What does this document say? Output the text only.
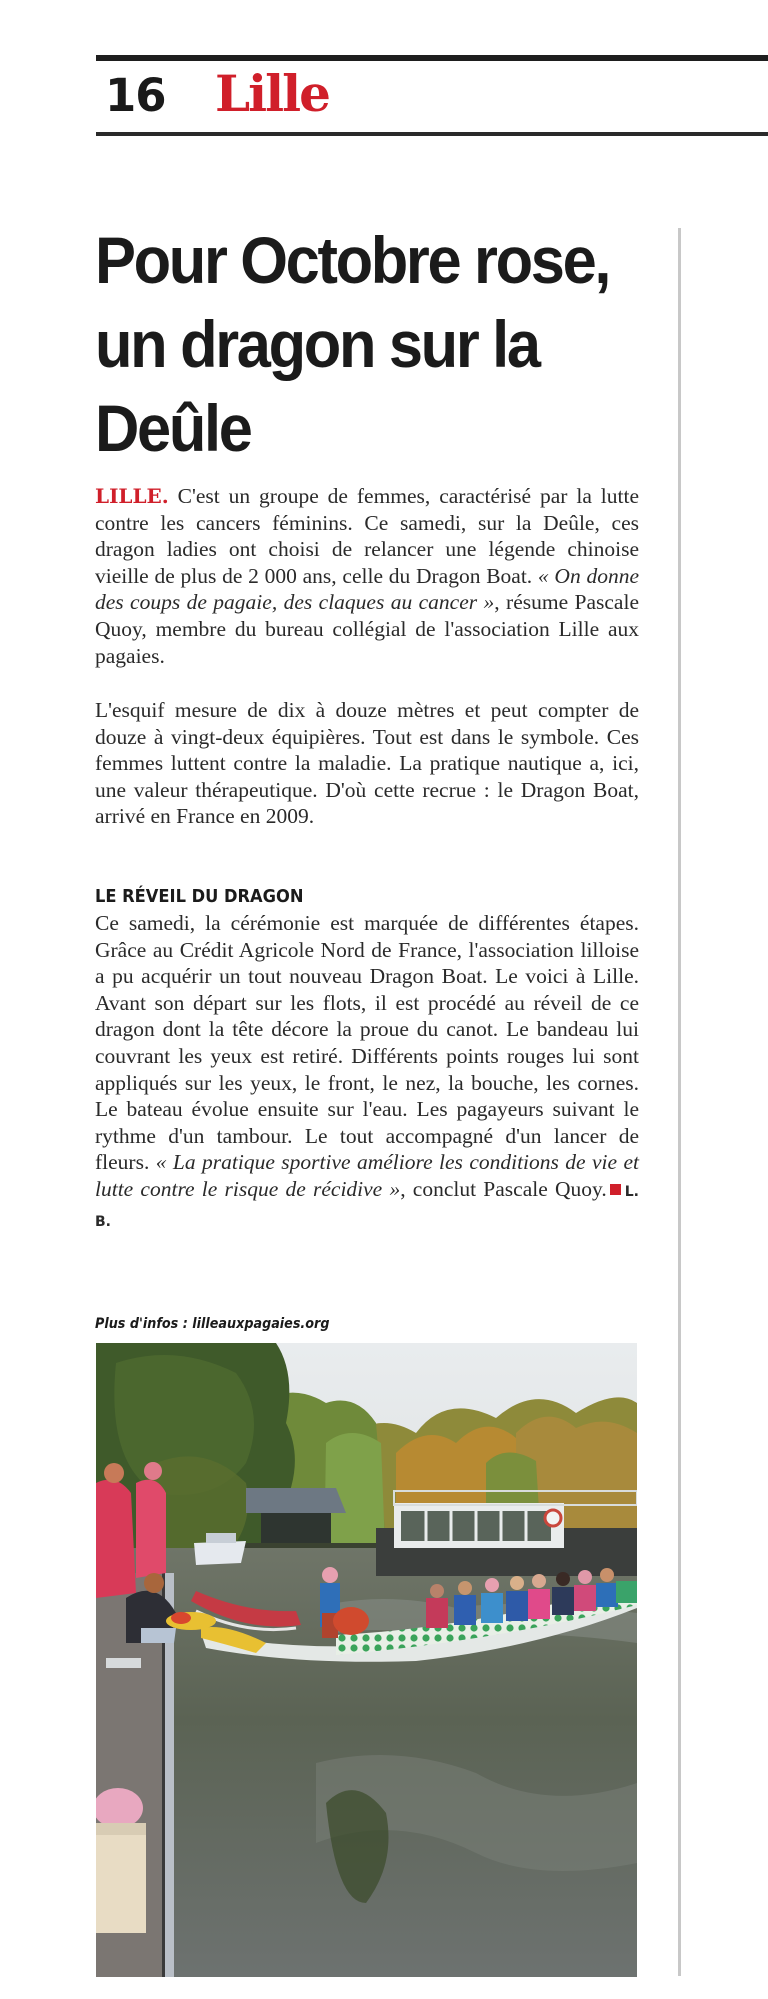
16 Lille
Pour Octobre rose, un dragon sur la Deûle

LILLE. C'est un groupe de femmes, caractérisé par la lutte contre les cancers féminins. Ce samedi, sur la Deûle, ces dragon ladies ont choisi de relancer une légende chinoise vieille de plus de 2 000 ans, celle du Dragon Boat. « On donne des coups de pagaie, des claques au cancer », résume Pascale Quoy, membre du bureau collégial de l'association Lille aux pagaies.

L'esquif mesure de dix à douze mètres et peut compter de douze à vingt-deux équipières. Tout est dans le symbole. Ces femmes luttent contre la maladie. La pratique nautique a, ici, une valeur thérapeutique. D'où cette recrue : le Dragon Boat, arrivé en France en 2009.

LE RÉVEIL DU DRAGON

Ce samedi, la cérémonie est marquée de différentes étapes. Grâce au Crédit Agricole Nord de France, l'association lilloise a pu acquérir un tout nouveau Dragon Boat. Le voici à Lille. Avant son départ sur les flots, il est procédé au réveil de ce dragon dont la tête décore la proue du canot. Le bandeau lui couvrant les yeux est retiré. Différents points rouges lui sont appliqués sur les yeux, le front, le nez, la bouche, les cornes. Le bateau évolue ensuite sur l'eau. Les pagayeurs suivant le rythme d'un tambour. Le tout accompagné d'un lancer de fleurs. « La pratique sportive améliore les conditions de vie et lutte contre le risque de récidive », conclut Pascale Quoy. L. B.

Plus d'infos : lilleauxpagaies.org
